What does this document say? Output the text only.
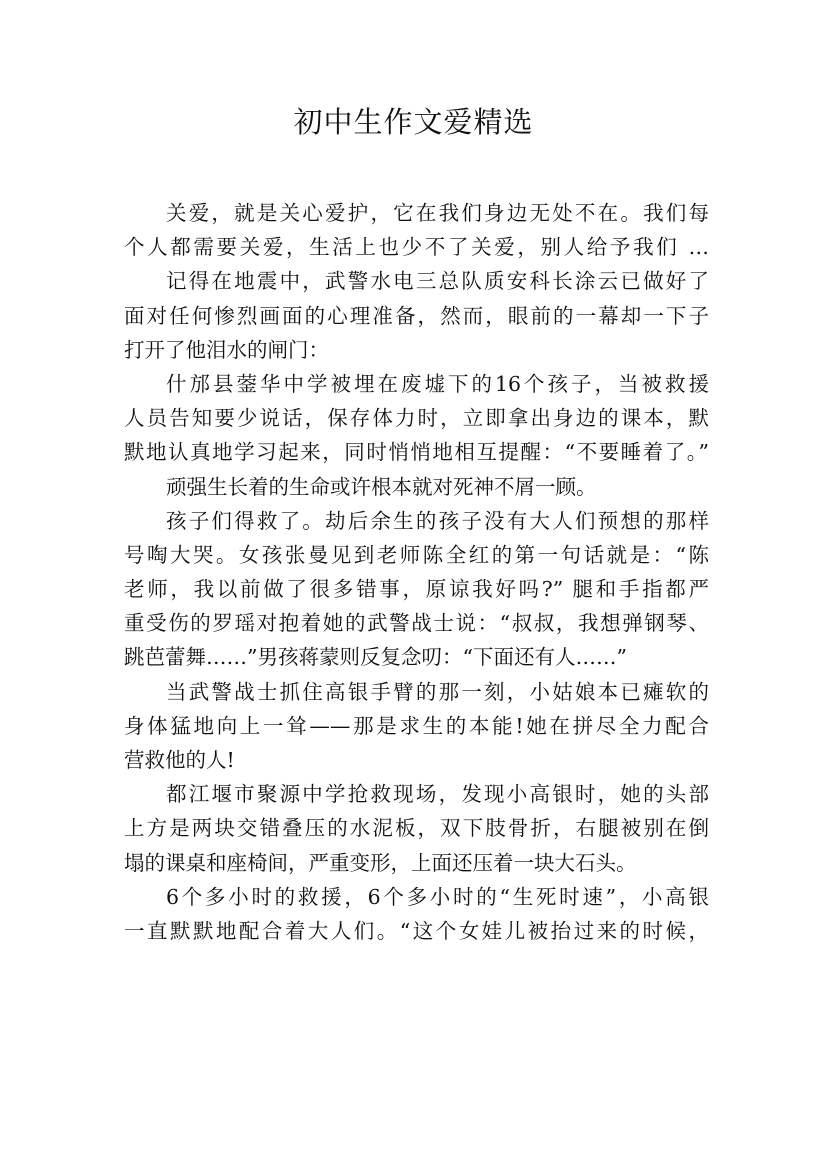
初中生作文爱精选
关爱，就是关心爱护，它在我们身边无处不在。我们每
个人都需要关爱，生活上也少不了关爱，别人给予我们 …
记得在地震中，武警水电三总队质安科长涂云已做好了
面对任何惨烈画面的心理准备，然而，眼前的一幕却一下子
打开了他泪水的闸门：
什邡县蓥华中学被埋在废墟下的16个孩子，当被救援
人员告知要少说话，保存体力时，立即拿出身边的课本，默
默地认真地学习起来，同时悄悄地相互提醒：“不要睡着了。”
顽强生长着的生命或许根本就对死神不屑一顾。
孩子们得救了。劫后余生的孩子没有大人们预想的那样
号啕大哭。女孩张曼见到老师陈全红的第一句话就是：“陈
老师，我以前做了很多错事，原谅我好吗?” 腿和手指都严
重受伤的罗瑶对抱着她的武警战士说：“叔叔，我想弹钢琴、
跳芭蕾舞……”男孩蒋蒙则反复念叨：“下面还有人……”
当武警战士抓住高银手臂的那一刻，小姑娘本已瘫软的
身体猛地向上一耸——那是求生的本能!她在拼尽全力配合
营救他的人!
都江堰市聚源中学抢救现场，发现小高银时，她的头部
上方是两块交错叠压的水泥板，双下肢骨折，右腿被别在倒
塌的课桌和座椅间，严重变形，上面还压着一块大石头。
6个多小时的救援，6个多小时的“生死时速”，小高银
一直默默地配合着大人们。“这个女娃儿被抬过来的时候，
